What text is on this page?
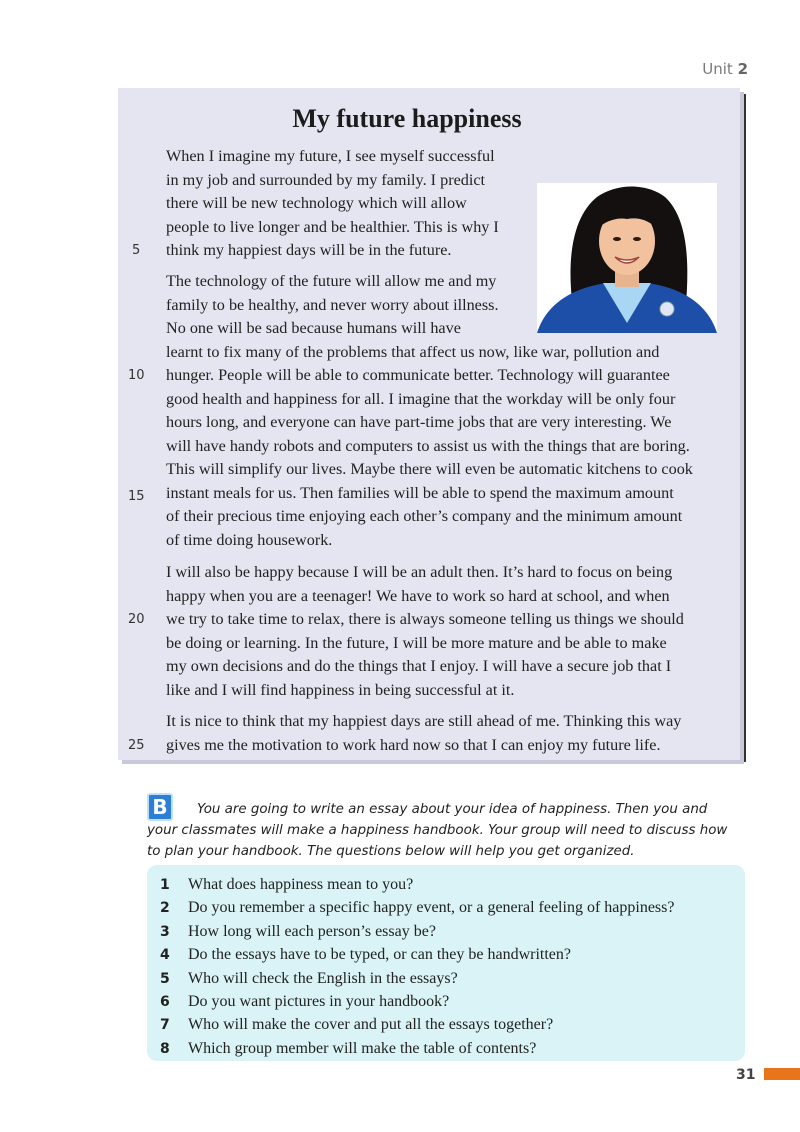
Unit 2
My future happiness

When I imagine my future, I see myself successful

in my job and surrounded by my family. I predict

there will be new technology which will allow

people to live longer and be healthier. This is why I

think my happiest days will be in the future.

The technology of the future will allow me and my

family to be healthy, and never worry about illness.

No one will be sad because humans will have

learnt to fix many of the problems that affect us now, like war, pollution and

hunger. People will be able to communicate better. Technology will guarantee

good health and happiness for all. I imagine that the workday will be only four

hours long, and everyone can have part-time jobs that are very interesting. We

will have handy robots and computers to assist us with the things that are boring.

This will simplify our lives. Maybe there will even be automatic kitchens to cook

instant meals for us. Then families will be able to spend the maximum amount

of their precious time enjoying each other’s company and the minimum amount

of time doing housework.

I will also be happy because I will be an adult then. It’s hard to focus on being

happy when you are a teenager! We have to work so hard at school, and when

we try to take time to relax, there is always someone telling us things we should

be doing or learning. In the future, I will be more mature and be able to make

my own decisions and do the things that I enjoy. I will have a secure job that I

like and I will find happiness in being successful at it.

It is nice to think that my happiest days are still ahead of me. Thinking this way

gives me the motivation to work hard now so that I can enjoy my future life.

5
10
15
20
25
B	You are going to write an essay about your idea of happiness. Then you and your classmates will make a happiness handbook. Your group will need to discuss how to plan your handbook. The questions below will help you get organized.
1	What does happiness mean to you?
2	Do you remember a specific happy event, or a general feeling of happiness?
3	How long will each person’s essay be?
4	Do the essays have to be typed, or can they be handwritten?
5	Who will check the English in the essays?
6	Do you want pictures in your handbook?
7	Who will make the cover and put all the essays together?
8	Which group member will make the table of contents?
31
